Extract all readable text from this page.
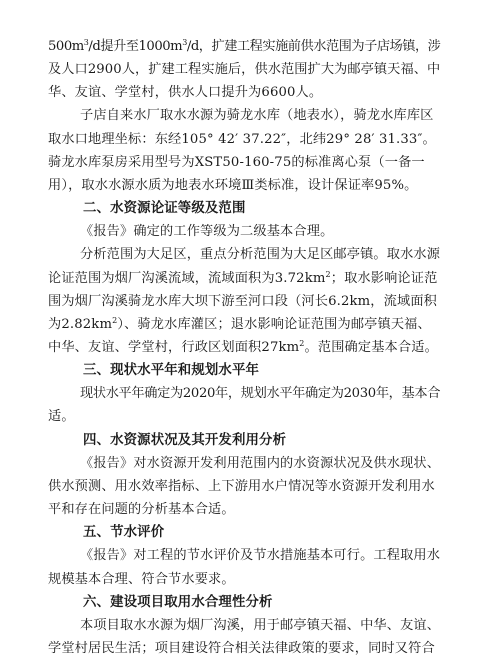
$500m^3/d$提升至$1000m^3/d$，扩建工程实施前供水范围为子店场镇，涉
及人口2900人，扩建工程实施后，供水范围扩大为邮亭镇天福、中
华、友谊、学堂村，供水人口提升为6600人。
子店自来水厂取水水源为骑龙水库（地表水），骑龙水库库区
取水口地理坐标：东经105° 42′ 37.22″，北纬29° 28′ 31.33″。
骑龙水库泵房采用型号为XST50-160-75的标准离心泵（一备一
用），取水水源水质为地表水环境Ⅲ类标准，设计保证率95%。
二、水资源论证等级及范围
《报告》确定的工作等级为二级基本合理。
分析范围为大足区，重点分析范围为大足区邮亭镇。取水水源
论证范围为烟厂沟溪流域，流域面积为$3.72km^2$；取水影响论证范
围为烟厂沟溪骑龙水库大坝下游至河口段（河长6.2km，流域面积
为$2.82km^2$）、骑龙水库灌区；退水影响论证范围为邮亭镇天福、
中华、友谊、学堂村，行政区划面积$27km^2$。范围确定基本合适。
三、现状水平年和规划水平年
现状水平年确定为2020年，规划水平年确定为2030年，基本合
适。
四、水资源状况及其开发利用分析
《报告》对水资源开发利用范围内的水资源状况及供水现状、
供水预测、用水效率指标、上下游用水户情况等水资源开发利用水
平和存在问题的分析基本合适。
五、节水评价
《报告》对工程的节水评价及节水措施基本可行。工程取用水
规模基本合理、符合节水要求。
六、建设项目取用水合理性分析
本项目取水水源为烟厂沟溪，用于邮亭镇天福、中华、友谊、
学堂村居民生活；项目建设符合相关法律政策的要求，同时又符合
